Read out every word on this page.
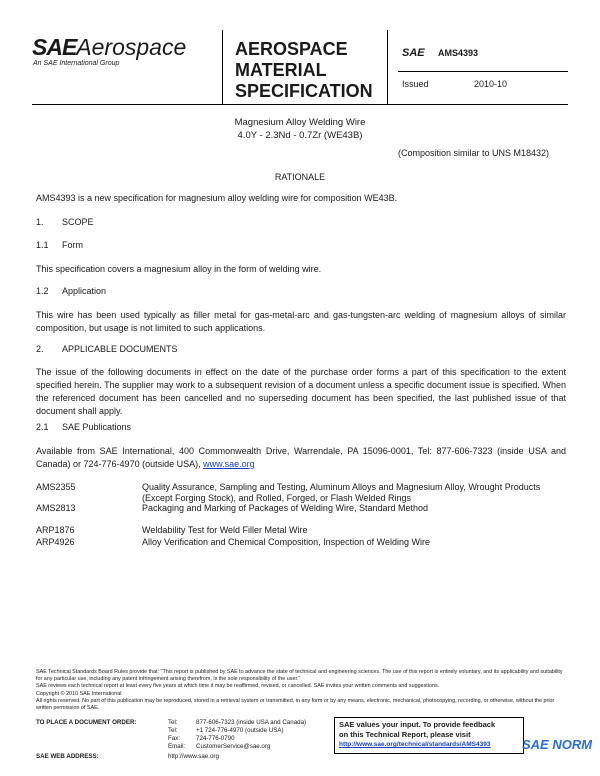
SAEAerospace
An SAE International Group
AEROSPACE
MATERIAL
SPECIFICATION
SAE AMS4393
Issued	2010-10
Magnesium Alloy Welding Wire
4.0Y - 2.3Nd - 0.7Zr (WE43B)
(Composition similar to UNS M18432)
RATIONALE
AMS4393 is a new specification for magnesium alloy welding wire for composition WE43B.
1. SCOPE
1.1 Form
This specification covers a magnesium alloy in the form of welding wire.
1.2 Application
This wire has been used typically as filler metal for gas-metal-arc and gas-tungsten-arc welding of magnesium alloys of similar composition, but usage is not limited to such applications.
2. APPLICABLE DOCUMENTS
The issue of the following documents in effect on the date of the purchase order forms a part of this specification to the extent specified herein. The supplier may work to a subsequent revision of a document unless a specific document issue is specified. When the referenced document has been cancelled and no superseding document has been specified, the last published issue of that document shall apply.
2.1 SAE Publications
Available from SAE International, 400 Commonwealth Drive, Warrendale, PA 15096-0001, Tel: 877-606-7323 (inside USA and Canada) or 724-776-4970 (outside USA), www.sae.org
AMS2355	Quality Assurance, Sampling and Testing, Aluminum Alloys and Magnesium Alloy, Wrought Products (Except Forging Stock), and Rolled, Forged, or Flash Welded Rings
AMS2813	Packaging and Marking of Packages of Welding Wire, Standard Method
ARP1876	Weldability Test for Weld Filler Metal Wire
ARP4926	Alloy Verification and Chemical Composition, Inspection of Welding Wire
SAE Technical Standards Board Rules provide that: "This report is published by SAE to advance the state of technical and engineering sciences. The use of this report is entirely voluntary, and its applicability and suitability for any particular use, including any patent infringement arising therefrom, is the sole responsibility of the user."
SAE reviews each technical report at least every five years at which time it may be reaffirmed, revised, or cancelled. SAE invites your written comments and suggestions.
Copyright © 2010 SAE International
All rights reserved. No part of this publication may be reproduced, stored in a retrieval system or transmitted, in any form or by any means, electronic, mechanical, photocopying, recording, or otherwise, without the prior written permission of SAE.
TO PLACE A DOCUMENT ORDER:	Tel:	877-606-7323 (inside USA and Canada)
Tel:	+1 724-776-4970 (outside USA)
Fax:	724-776-0790
Email: CustomerService@sae.org
SAE WEB ADDRESS:	http://www.sae.org
SAE values your input. To provide feedback
on this Technical Report, please visit
http://www.sae.org/technical/standards/AMS4393	SAE NORM
